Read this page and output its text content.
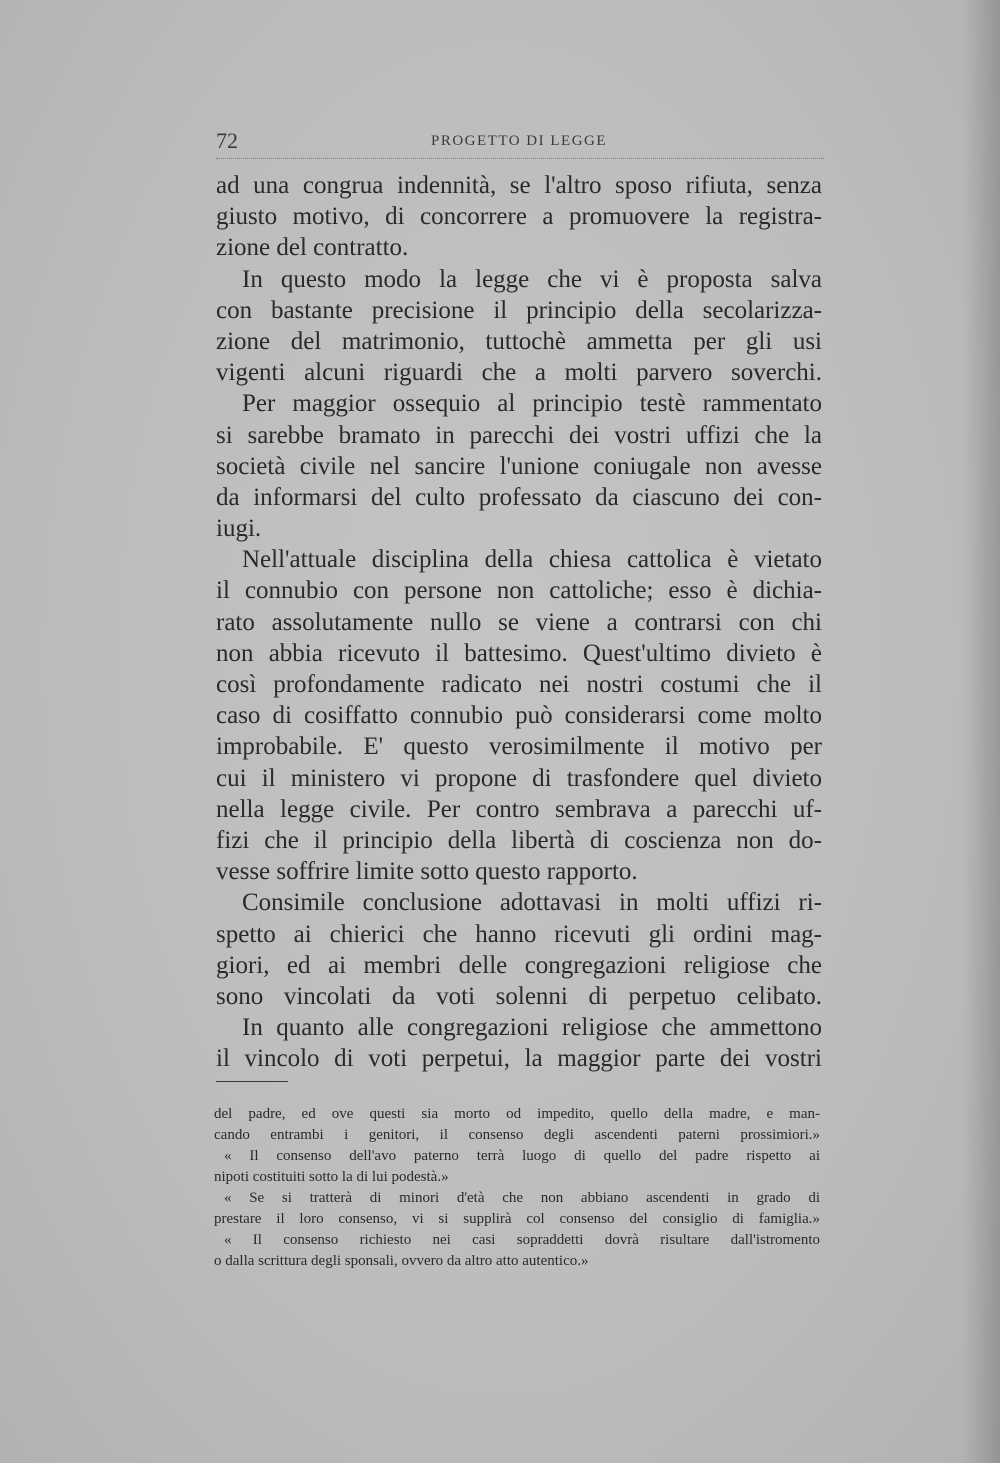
72	PROGETTO DI LEGGE
ad una congrua indennità, se l'altro sposo rifiuta, senza
giusto motivo, di concorrere a promuovere la registra-
zione del contratto.
In questo modo la legge che vi è proposta salva
con bastante precisione il principio della secolarizza-
zione del matrimonio, tuttochè ammetta per gli usi
vigenti alcuni riguardi che a molti parvero soverchi.
Per maggior ossequio al principio testè rammentato
si sarebbe bramato in parecchi dei vostri uffizi che la
società civile nel sancire l'unione coniugale non avesse
da informarsi del culto professato da ciascuno dei con-
iugi.
Nell'attuale disciplina della chiesa cattolica è vietato
il connubio con persone non cattoliche; esso è dichia-
rato assolutamente nullo se viene a contrarsi con chi
non abbia ricevuto il battesimo. Quest'ultimo divieto è
così profondamente radicato nei nostri costumi che il
caso di cosiffatto connubio può considerarsi come molto
improbabile. E' questo verosimilmente il motivo per
cui il ministero vi propone di trasfondere quel divieto
nella legge civile. Per contro sembrava a parecchi uf-
fizi che il principio della libertà di coscienza non do-
vesse soffrire limite sotto questo rapporto.
Consimile conclusione adottavasi in molti uffizi ri-
spetto ai chierici che hanno ricevuti gli ordini mag-
giori, ed ai membri delle congregazioni religiose che
sono vincolati da voti solenni di perpetuo celibato.
In quanto alle congregazioni religiose che ammettono
il vincolo di voti perpetui, la maggior parte dei vostri
del padre, ed ove questi sia morto od impedito, quello della madre, e man-
cando entrambi i genitori, il consenso degli ascendenti paterni prossimiori.»
« Il consenso dell'avo paterno terrà luogo di quello del padre rispetto ai
nipoti costituiti sotto la di lui podestà.»
« Se si tratterà di minori d'età che non abbiano ascendenti in grado di
prestare il loro consenso, vi si supplirà col consenso del consiglio di famiglia.»
« Il consenso richiesto nei casi sopraddetti dovrà risultare dall'istromento
o dalla scrittura degli sponsali, ovvero da altro atto autentico.»
